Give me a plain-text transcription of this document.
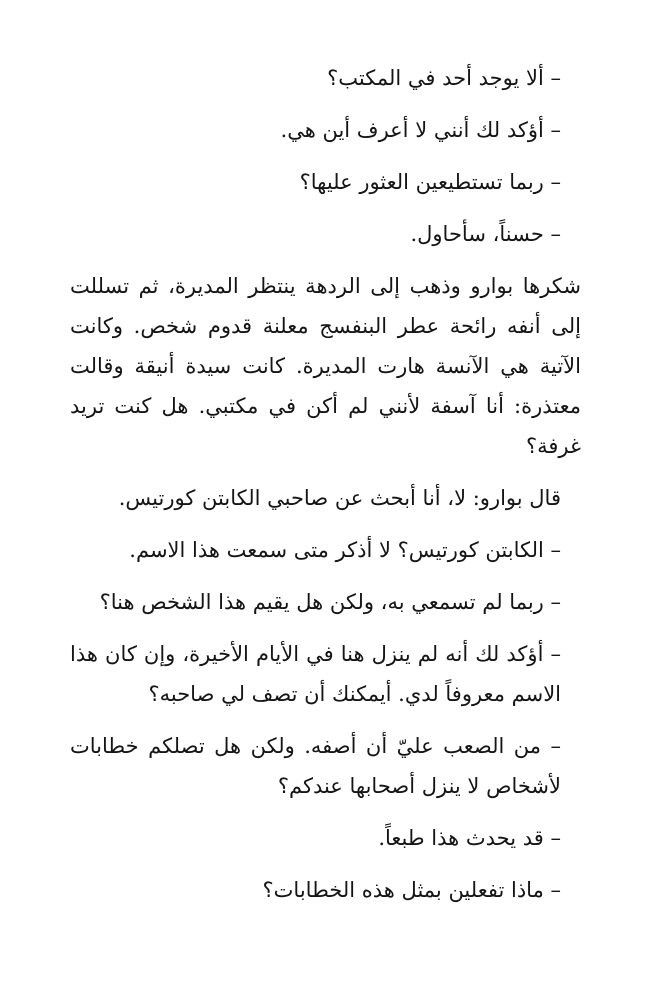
– ألا يوجد أحد في المكتب؟

– أؤكد لك أنني لا أعرف أين هي.

– ربما تستطيعين العثور عليها؟

– حسناً، سأحاول.

شكرها بوارو وذهب إلى الردهة ينتظر المديرة، ثم تسللت إلى أنفه رائحة عطر البنفسج معلنة قدوم شخص. وكانت الآتية هي الآنسة هارت المديرة. كانت سيدة أنيقة وقالت معتذرة: أنا آسفة لأنني لم أكن في مكتبي. هل كنت تريد غرفة؟

قال بوارو: لا، أنا أبحث عن صاحبي الكابتن كورتيس.

– الكابتن كورتيس؟ لا أذكر متى سمعت هذا الاسم.

– ربما لم تسمعي به، ولكن هل يقيم هذا الشخص هنا؟

– أؤكد لك أنه لم ينزل هنا في الأيام الأخيرة، وإن كان هذا الاسم معروفاً لدي. أيمكنك أن تصف لي صاحبه؟

– من الصعب عليّ أن أصفه. ولكن هل تصلكم خطابات لأشخاص لا ينزل أصحابها عندكم؟

– قد يحدث هذا طبعاً.

– ماذا تفعلين بمثل هذه الخطابات؟
